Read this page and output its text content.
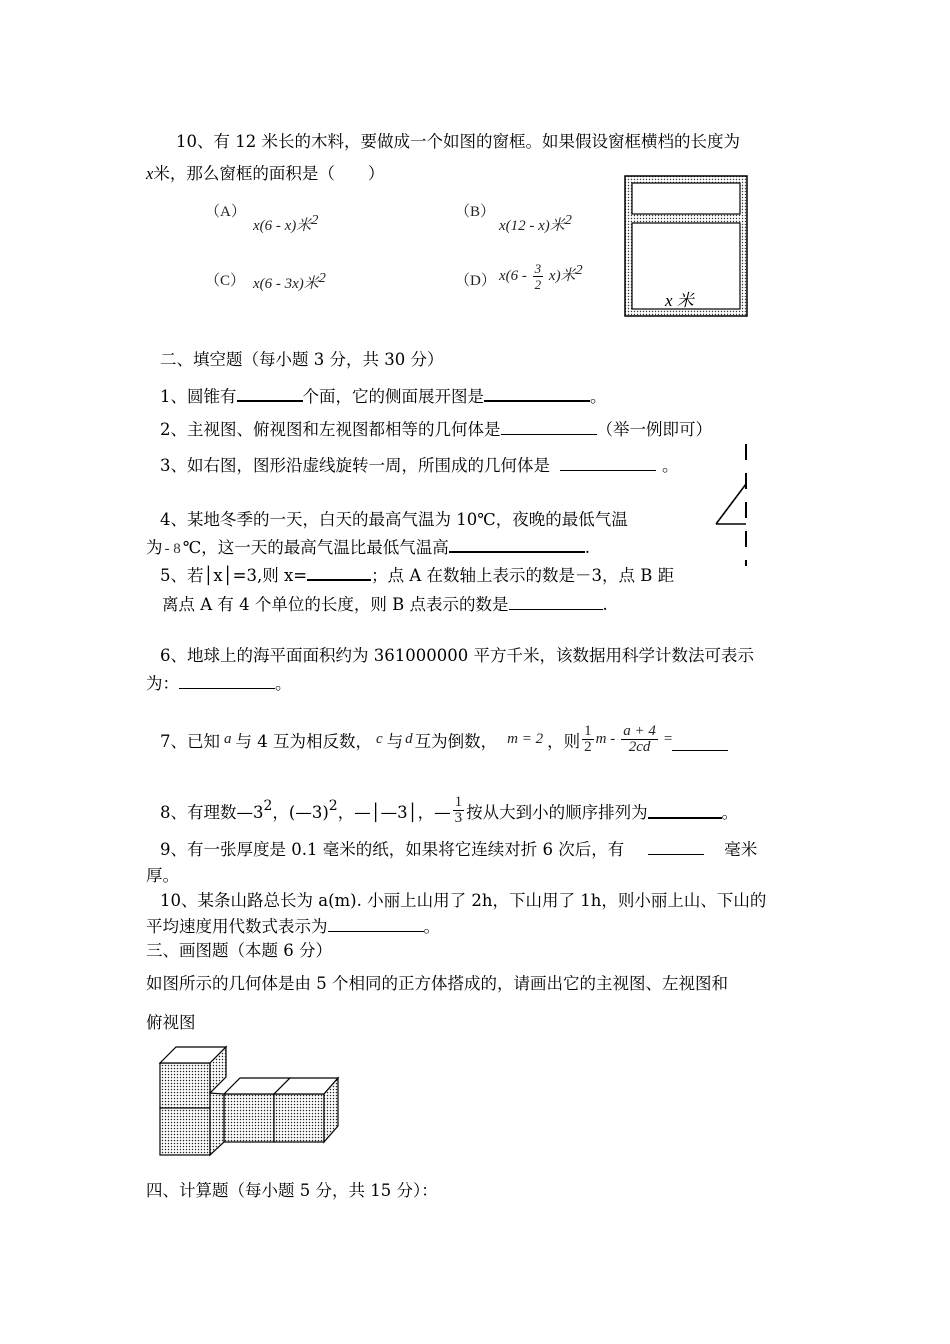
10、有 12 米长的木料，要做成一个如图的窗框。如果假设窗框横档的长度为
x米，那么窗框的面积是（　　）
（A）
x(6 - x)米$^2$
（B）
x(12 - x)米$^2$
（C） x(6 - 3x)米$^2$	（D） $x(6 - \frac{3}{2} x)$米$^2$
x 米
二、填空题（每小题 3 分，共 30 分）
1、圆锥有	个面，它的侧面展开图是	。
2、主视图、俯视图和左视图都相等的几何体是	（举一例即可）
3、如右图，图形沿虚线旋转一周，所围成的几何体是	。
4、某地冬季的一天，白天的最高气温为 10℃，夜晚的最低气温
为 - 8 ℃，这一天的最高气温比最低气温高	.
5、若│x│=3,则 x=	；点 A 在数轴上表示的数是－3，点 B 距
离点 A 有 4 个单位的长度，则 B 点表示的数是	.
6、地球上的海平面面积约为 361000000 平方千米，该数据用科学计数法可表示
为：	。
7、已知 a 与 4 互为相反数， c 与 d 互为倒数， m = 2 ，则 $\frac{1}{2}$ m - $\frac{a + 4}{2cd}$ =
8、有理数$—3^2$ ，(—3)$^2$ ，—│—3│，— $\frac{1}{3}$ 按从大到小的顺序排列为	。
9、有一张厚度是 0.1 毫米的纸，如果将它连续对折 6 次后，有	毫米
厚。
10、某条山路总长为 a(m). 小丽上山用了 2h，下山用了 1h，则小丽上山、下山的
平均速度用代数式表示为	。
三、画图题（本题 6 分）
如图所示的几何体是由 5 个相同的正方体搭成的，请画出它的主视图、左视图和
俯视图
四、计算题（每小题 5 分，共 15 分）：
